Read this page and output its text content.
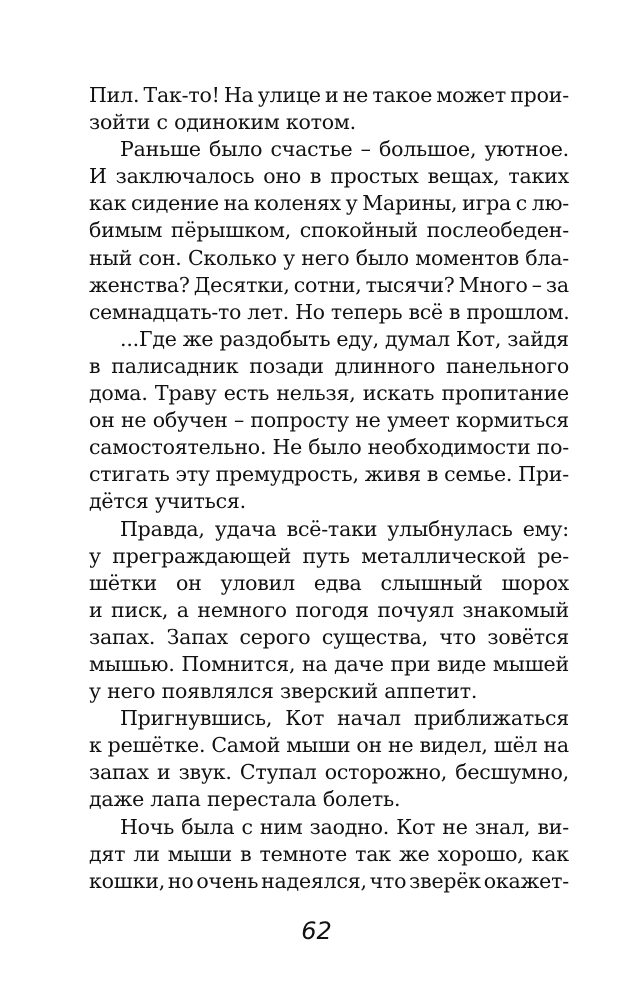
Пил. Так-то! На улице и не такое может прои-
зойти с одиноким котом.
Раньше было счастье – большое, уютное.
И заключалось оно в простых вещах, таких
как сидение на коленях у Марины, игра с лю-
бимым пёрышком, спокойный послеобеден-
ный сон. Сколько у него было моментов бла-
женства? Десятки, сотни, тысячи? Много – за
семнадцать-то лет. Но теперь всё в прошлом.
...Где же раздобыть еду, думал Кот, зайдя
в палисадник позади длинного панельного
дома. Траву есть нельзя, искать пропитание
он не обучен – попросту не умеет кормиться
самостоятельно. Не было необходимости по-
стигать эту премудрость, живя в семье. При-
дётся учиться.
Правда, удача всё-таки улыбнулась ему:
у преграждающей путь металлической ре-
шётки он уловил едва слышный шорох
и писк, а немного погодя почуял знакомый
запах. Запах серого существа, что зовётся
мышью. Помнится, на даче при виде мышей
у него появлялся зверский аппетит.
Пригнувшись, Кот начал приближаться
к решётке. Самой мыши он не видел, шёл на
запах и звук. Ступал осторожно, бесшумно,
даже лапа перестала болеть.
Ночь была с ним заодно. Кот не знал, ви-
дят ли мыши в темноте так же хорошо, как
кошки, но очень надеялся, что зверёк окажет-
62
